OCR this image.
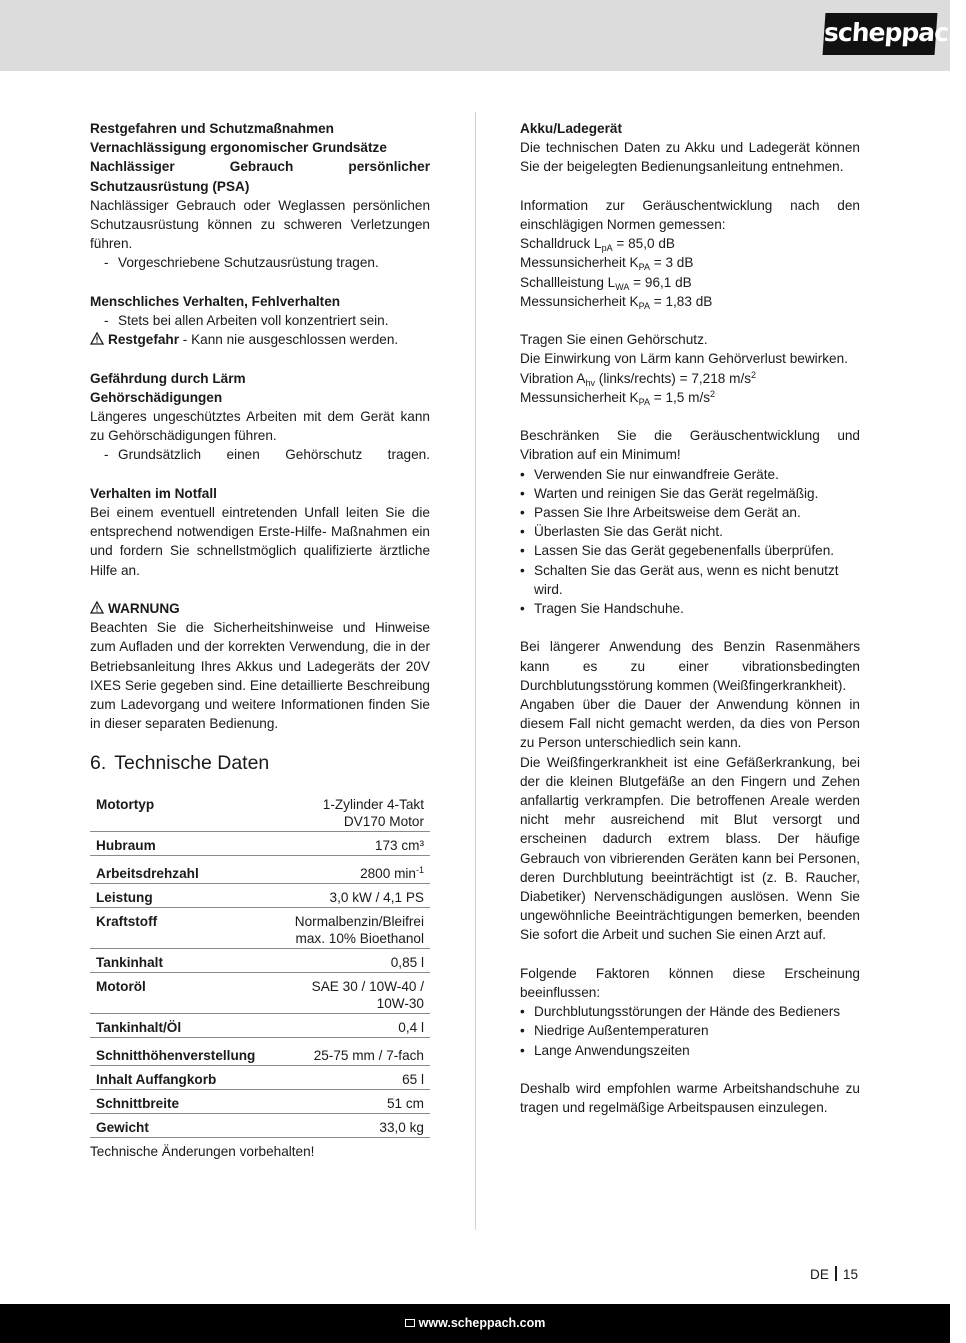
scheppach

Restgefahren und Schutzmaßnahmen

Vernachlässigung ergonomischer Grundsätze

Nachlässiger Gebrauch persönlicher

Schutzausrüstung (PSA)

Nachlässiger Gebrauch oder Weglassen persönlichen Schutzausrüstung können zu schweren Verletzungen führen.

- Vorgeschriebene Schutzausrüstung tragen.

Menschliches Verhalten, Fehlverhalten

- Stets bei allen Arbeiten voll konzentriert sein.

Restgefahr - Kann nie ausgeschlossen werden.

Gefährdung durch Lärm

Gehörschädigungen

Längeres ungeschütztes Arbeiten mit dem Gerät kann zu Gehörschädigungen führen.

- Grundsätzlich einen Gehörschutz tragen.

Verhalten im Notfall

Bei einem eventuell eintretenden Unfall leiten Sie die entsprechend notwendigen Erste-Hilfe- Maßnahmen ein und fordern Sie schnellstmöglich qualifizierte ärztliche Hilfe an.

WARNUNG

Beachten Sie die Sicherheitshinweise und Hinweise zum Aufladen und der korrekten Verwendung, die in der Betriebsanleitung Ihres Akkus und Ladegeräts der 20V IXES Serie gegeben sind. Eine detaillierte Beschreibung zum Ladevorgang und weitere Informationen finden Sie in dieser separaten Bedienung.

6. Technische Daten
Motortyp	1-Zylinder 4-Takt
DV170 Motor
Hubraum	173 cm³
Arbeitsdrehzahl	2800 $\min^{-1}$
Leistung	3,0 kW / 4,1 PS
Kraftstoff	Normalbenzin/Bleifrei
max. 10% Bioethanol
Tankinhalt	0,85 l
Motoröl	SAE 30 / 10W-40 /
10W-30
Tankinhalt/Öl	0,4 l
Schnitthöhenverstellung	25-75 mm / 7-fach
Inhalt Auffangkorb	65 l
Schnittbreite	51 cm
Gewicht	33,0 kg

Technische Änderungen vorbehalten!

Akku/Ladegerät

Die technischen Daten zu Akku und Ladegerät können Sie der beigelegten Bedienungsanleitung entnehmen.

Information zur Geräuschentwicklung nach den einschlägigen Normen gemessen:

Schalldruck $L_{pA} = 85,0$ dB

Messunsicherheit $K_{PA} = 3$ dB

Schallleistung $L_{WA} = 96,1$ dB

Messunsicherheit $K_{PA} = 1,83$ dB

Tragen Sie einen Gehörschutz.

Die Einwirkung von Lärm kann Gehörverlust bewirken.

Vibration $A_{hv}$ (links/rechts) = 7,218 $m/s^2$

Messunsicherheit $K_{PA} = 1,5$ $m/s^2$

Beschränken Sie die Geräuschentwicklung und Vibration auf ein Minimum!

• Verwenden Sie nur einwandfreie Geräte.
• Warten und reinigen Sie das Gerät regelmäßig.
• Passen Sie Ihre Arbeitsweise dem Gerät an.
• Überlasten Sie das Gerät nicht.
• Lassen Sie das Gerät gegebenenfalls überprüfen.
• Schalten Sie das Gerät aus, wenn es nicht benutzt wird.
• Tragen Sie Handschuhe.

Bei längerer Anwendung des Benzin Rasenmähers kann es zu einer vibrationsbedingten Durchblutungsstörung kommen (Weißfingerkrankheit).

Angaben über die Dauer der Anwendung können in diesem Fall nicht gemacht werden, da dies von Person zu Person unterschiedlich sein kann.

Die Weißfingerkrankheit ist eine Gefäßerkrankung, bei der die kleinen Blutgefäße an den Fingern und Zehen anfallartig verkrampfen. Die betroffenen Areale werden nicht mehr ausreichend mit Blut versorgt und erscheinen dadurch extrem blass. Der häufige Gebrauch von vibrierenden Geräten kann bei Personen, deren Durchblutung beeinträchtigt ist (z. B. Raucher, Diabetiker) Nervenschädigungen auslösen. Wenn Sie ungewöhnliche Beeinträchtigungen bemerken, beenden Sie sofort die Arbeit und suchen Sie einen Arzt auf.

Folgende Faktoren können diese Erscheinung beeinflussen:

• Durchblutungsstörungen der Hände des Bedieners
• Niedrige Außentemperaturen
• Lange Anwendungszeiten

Deshalb wird empfohlen warme Arbeitshandschuhe zu tragen und regelmäßige Arbeitspausen einzulegen.

DE 15
www.scheppach.com
